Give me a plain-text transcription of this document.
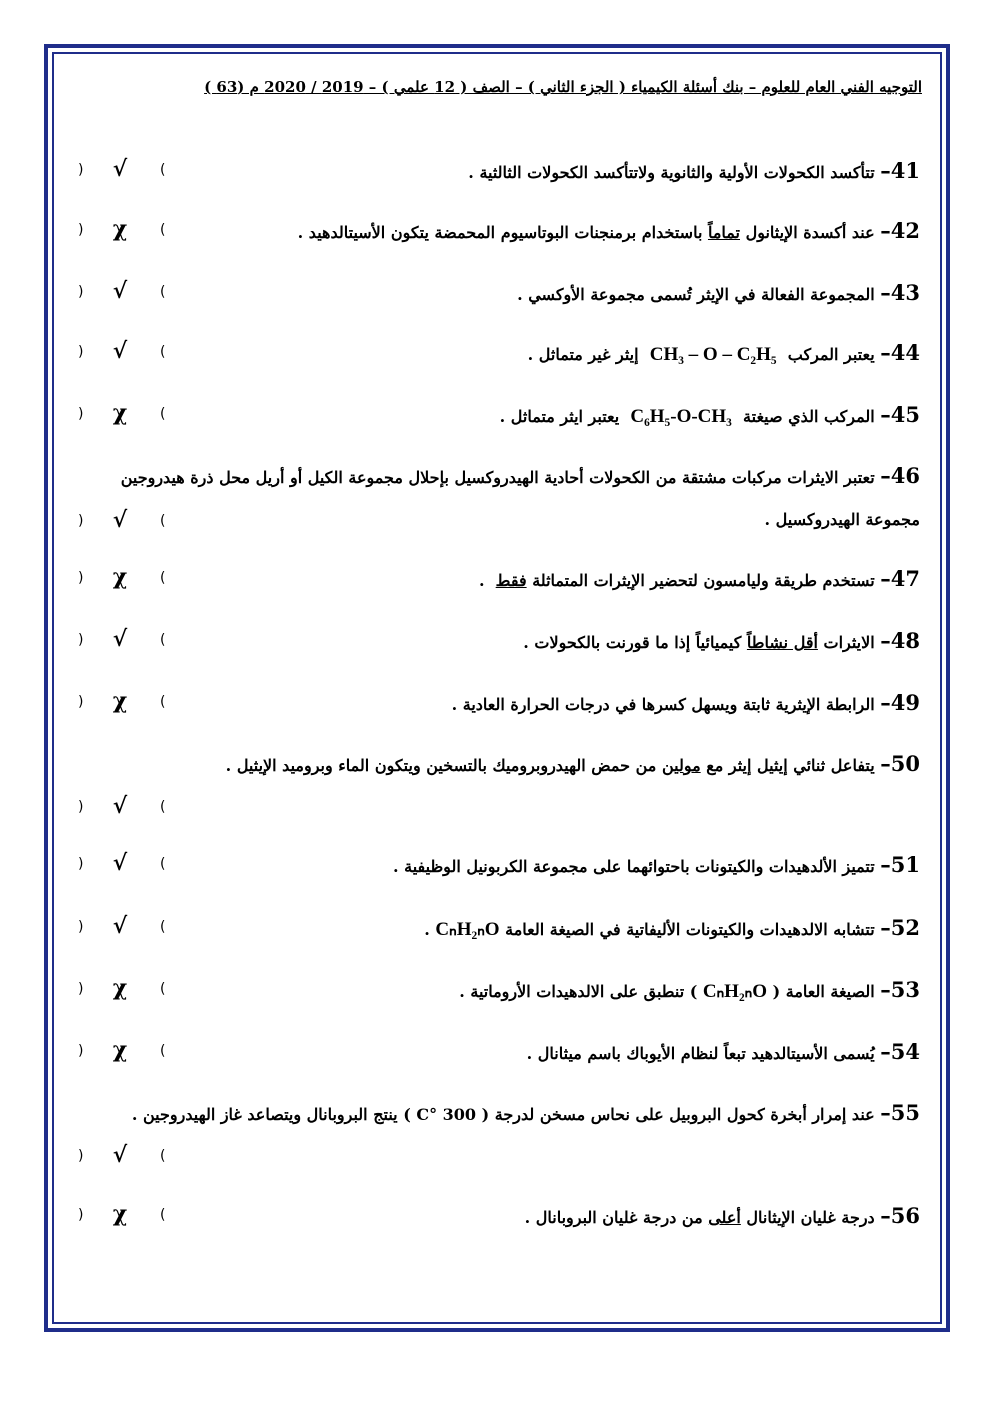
التوجيه الفني العام للعلوم – بنك أسئلة الكيمياء ( الجزء الثاني ) – الصف ( 12 علمي ) – 2019 / 2020 م (63 )
41– تتأكسد الكحولات الأولية والثانوية ولاتتأكسد الكحولات الثالثية .
(
√
)
42– عند أكسدة الإيثانول تماماً باستخدام برمنجنات البوتاسيوم المحمضة يتكون الأسيتالدهيد .
(
χ
)
43– المجموعة الفعالة في الإيثر تُسمى مجموعة الأوكسي .
(
√
)
44– يعتبر المركب  CH₃ – O – C₂H₅  إيثر غير متماثل .
(
√
)
45– المركب الذي صيغتة  C₆H₅-O-CH₃  يعتبر ايثر متماثل .
(
χ
)
46– تعتبر الايثرات مركبات مشتقة من الكحولات أحادية الهيدروكسيل بإحلال مجموعة الكيل أو أريل محل ذرة هيدروجين مجموعة الهيدروكسيل .
(
√
)
47– تستخدم طريقة وليامسون لتحضير الإيثرات المتماثلة فقط  .
(
χ
)
48– الايثرات أقل نشاطاً كيميائياً إذا ما قورنت بالكحولات .
(
√
)
49– الرابطة الإيثرية ثابتة ويسهل كسرها في درجات الحرارة العادية .
(
χ
)
50– يتفاعل ثنائي إيثيل إيثر مع مولين من حمض الهيدروبروميك بالتسخين ويتكون الماء وبروميد الإيثيل .
(
√
)
51– تتميز الألدهيدات والكيتونات باحتوائهما على مجموعة الكربونيل الوظيفية .
(
√
)
52– تتشابه الالدهيدات والكيتونات الأليفاتية في الصيغة العامة CₙH₂ₙO .
(
√
)
53– الصيغة العامة ( CₙH₂ₙO ) تنطبق على الالدهيدات الأروماتية .
(
χ
)
54– يُسمى الأسيتالدهيد تبعاً لنظام الأيوباك باسم ميثانال .
(
χ
)
55– عند إمرار أبخرة كحول البروبيل على نحاس مسخن لدرجة ( 300 °C ) ينتج البروبانال ويتصاعد غاز الهيدروجين .
(
√
)
56– درجة غليان الإيثانال أعلى من درجة غليان البروبانال .
(
χ
)
